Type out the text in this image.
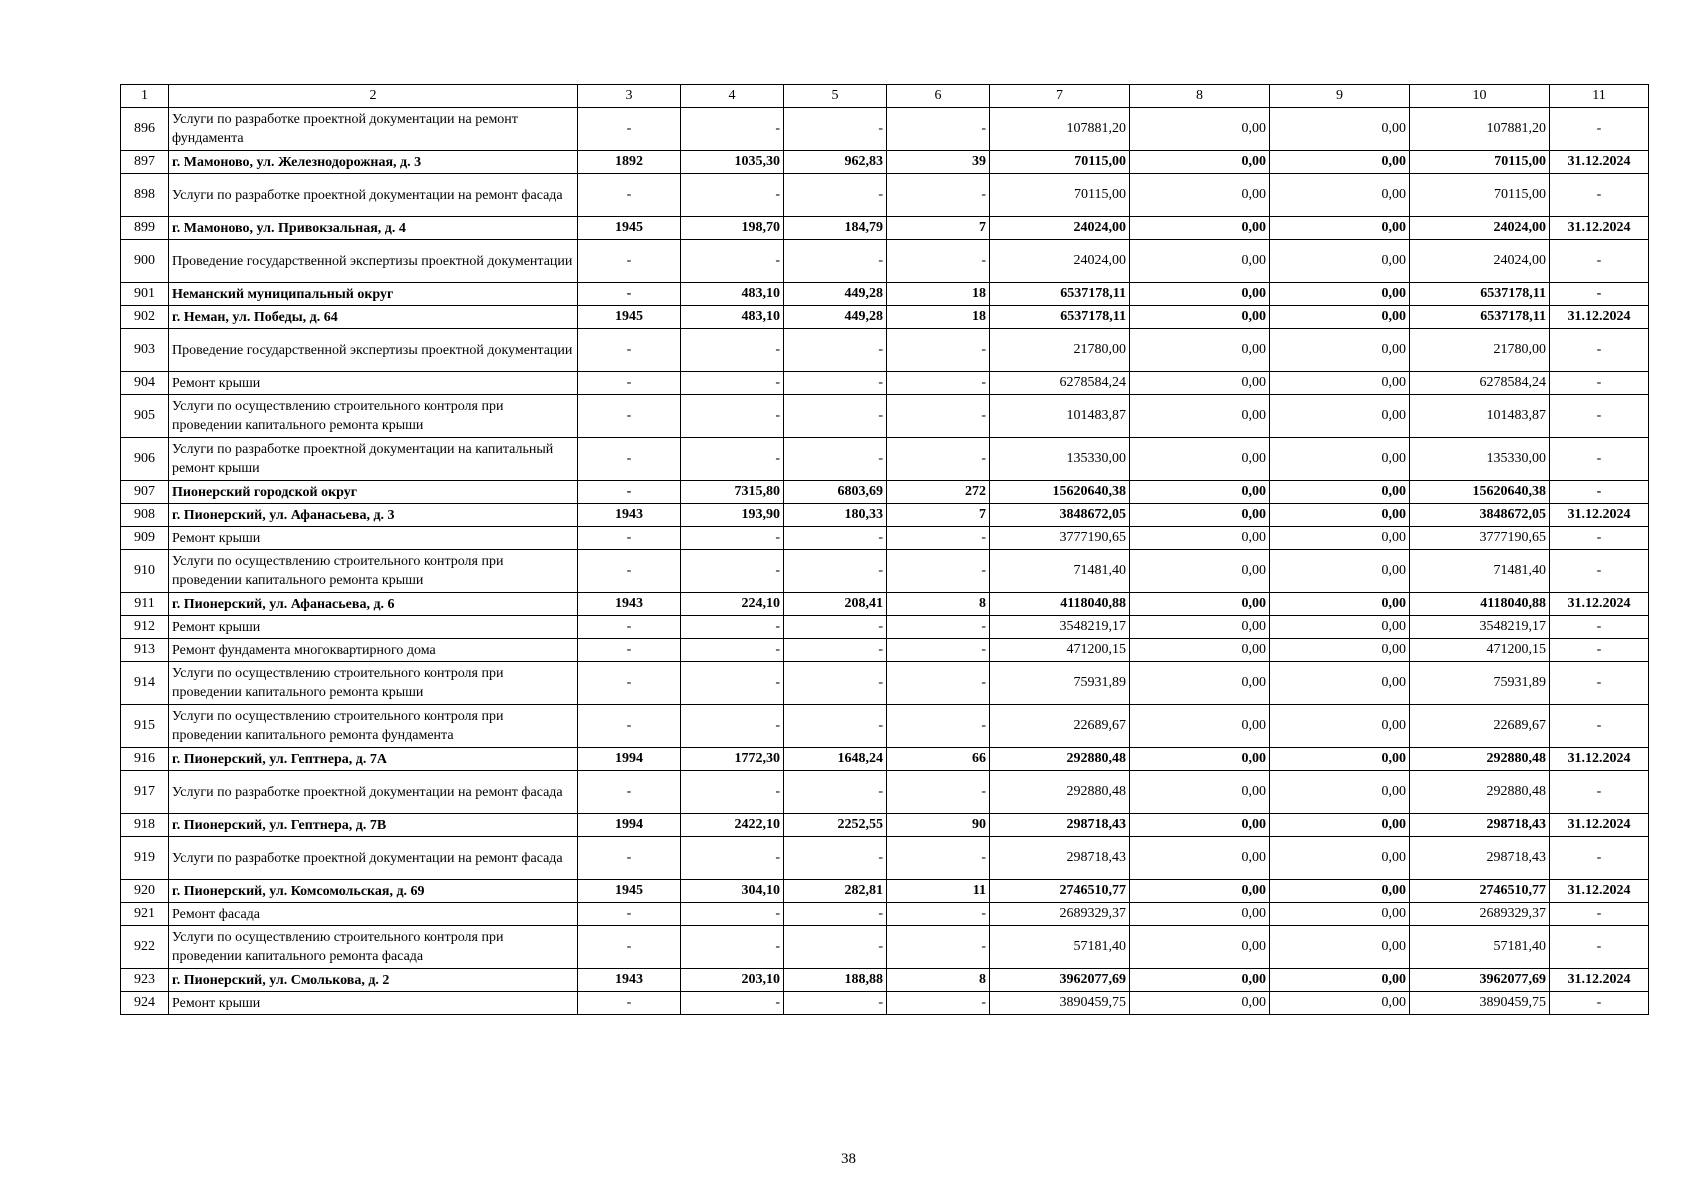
1	2	3	4	5	6	7	8	9	10	11
896	Услуги по разработке проектной документации на ремонт фундамента	-	-	-	-	107881,20	0,00	0,00	107881,20	-
897	г. Мамоново, ул. Железнодорожная, д. 3	1892	1035,30	962,83	39	70115,00	0,00	0,00	70115,00	31.12.2024
898	Услуги по разработке проектной документации на ремонт фасада	-	-	-	-	70115,00	0,00	0,00	70115,00	-
899	г. Мамоново, ул. Привокзальная, д. 4	1945	198,70	184,79	7	24024,00	0,00	0,00	24024,00	31.12.2024
900	Проведение государственной экспертизы проектной документации	-	-	-	-	24024,00	0,00	0,00	24024,00	-
901	Неманский муниципальный округ	-	483,10	449,28	18	6537178,11	0,00	0,00	6537178,11	-
902	г. Неман, ул. Победы, д. 64	1945	483,10	449,28	18	6537178,11	0,00	0,00	6537178,11	31.12.2024
903	Проведение государственной экспертизы проектной документации	-	-	-	-	21780,00	0,00	0,00	21780,00	-
904	Ремонт крыши	-	-	-	-	6278584,24	0,00	0,00	6278584,24	-
905	Услуги по осуществлению строительного контроля при проведении капитального ремонта крыши	-	-	-	-	101483,87	0,00	0,00	101483,87	-
906	Услуги по разработке проектной документации на капитальный ремонт крыши	-	-	-	-	135330,00	0,00	0,00	135330,00	-
907	Пионерский городской округ	-	7315,80	6803,69	272	15620640,38	0,00	0,00	15620640,38	-
908	г. Пионерский, ул. Афанасьева, д. 3	1943	193,90	180,33	7	3848672,05	0,00	0,00	3848672,05	31.12.2024
909	Ремонт крыши	-	-	-	-	3777190,65	0,00	0,00	3777190,65	-
910	Услуги по осуществлению строительного контроля при проведении капитального ремонта крыши	-	-	-	-	71481,40	0,00	0,00	71481,40	-
911	г. Пионерский, ул. Афанасьева, д. 6	1943	224,10	208,41	8	4118040,88	0,00	0,00	4118040,88	31.12.2024
912	Ремонт крыши	-	-	-	-	3548219,17	0,00	0,00	3548219,17	-
913	Ремонт фундамента многоквартирного дома	-	-	-	-	471200,15	0,00	0,00	471200,15	-
914	Услуги по осуществлению строительного контроля при проведении капитального ремонта крыши	-	-	-	-	75931,89	0,00	0,00	75931,89	-
915	Услуги по осуществлению строительного контроля при проведении капитального ремонта фундамента	-	-	-	-	22689,67	0,00	0,00	22689,67	-
916	г. Пионерский, ул. Гептнера, д. 7А	1994	1772,30	1648,24	66	292880,48	0,00	0,00	292880,48	31.12.2024
917	Услуги по разработке проектной документации на ремонт фасада	-	-	-	-	292880,48	0,00	0,00	292880,48	-
918	г. Пионерский, ул. Гептнера, д. 7В	1994	2422,10	2252,55	90	298718,43	0,00	0,00	298718,43	31.12.2024
919	Услуги по разработке проектной документации на ремонт фасада	-	-	-	-	298718,43	0,00	0,00	298718,43	-
920	г. Пионерский, ул. Комсомольская, д. 69	1945	304,10	282,81	11	2746510,77	0,00	0,00	2746510,77	31.12.2024
921	Ремонт фасада	-	-	-	-	2689329,37	0,00	0,00	2689329,37	-
922	Услуги по осуществлению строительного контроля при проведении капитального ремонта фасада	-	-	-	-	57181,40	0,00	0,00	57181,40	-
923	г. Пионерский, ул. Смолькова, д. 2	1943	203,10	188,88	8	3962077,69	0,00	0,00	3962077,69	31.12.2024
924	Ремонт крыши	-	-	-	-	3890459,75	0,00	0,00	3890459,75	-
38
